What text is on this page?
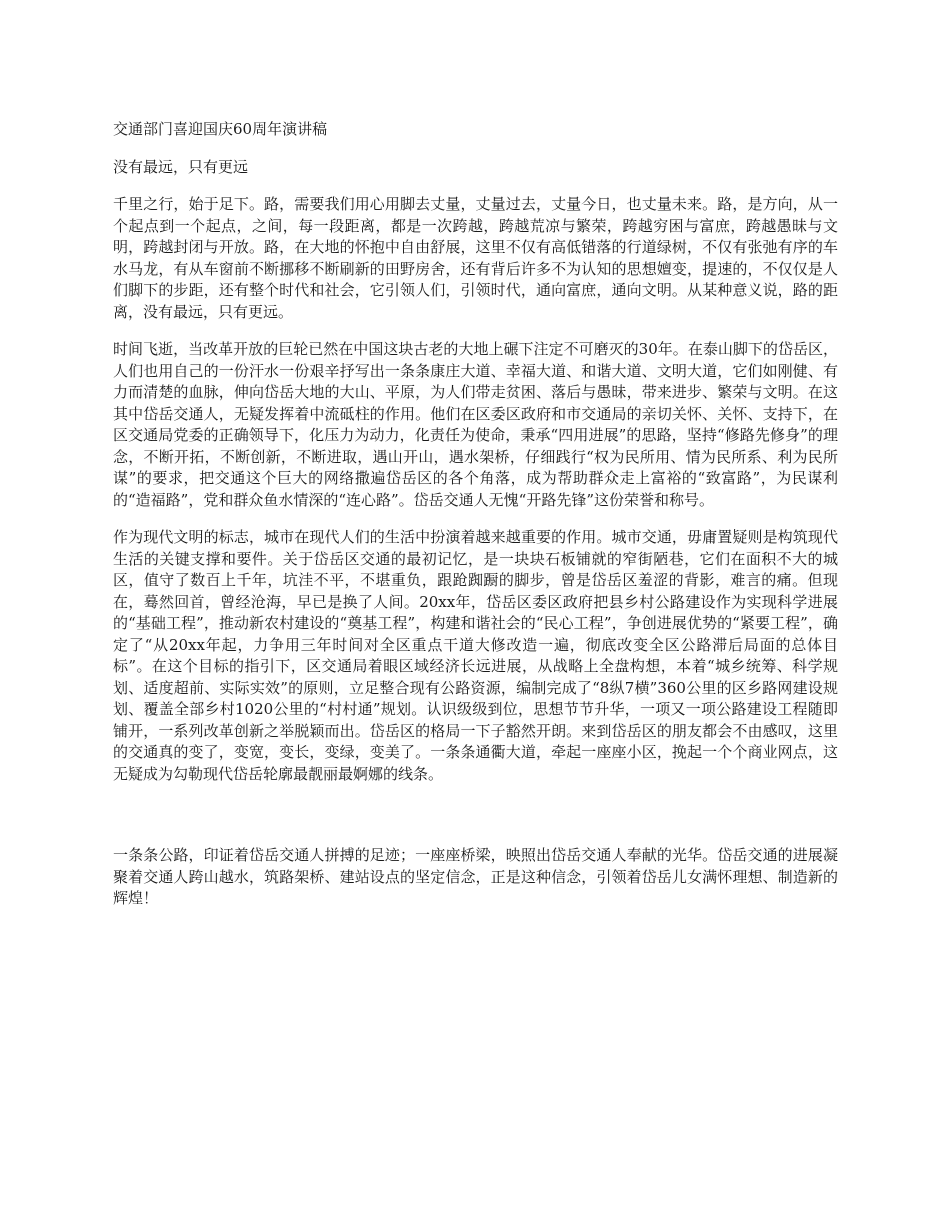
交通部门喜迎国庆60周年演讲稿
没有最远，只有更远

千里之行，始于足下。路，需要我们用心用脚去丈量，丈量过去，丈量今日，也丈量未来。路，是方向，从一个起点到一个起点，之间，每一段距离，都是一次跨越，跨越荒凉与繁荣，跨越穷困与富庶，跨越愚昧与文明，跨越封闭与开放。路，在大地的怀抱中自由舒展，这里不仅有高低错落的行道绿树，不仅有张弛有序的车水马龙，有从车窗前不断挪移不断刷新的田野房舍，还有背后许多不为认知的思想嬗变，提速的，不仅仅是人们脚下的步距，还有整个时代和社会，它引领人们，引领时代，通向富庶，通向文明。从某种意义说，路的距离，没有最远，只有更远。

时间飞逝，当改革开放的巨轮已然在中国这块古老的大地上碾下注定不可磨灭的30年。在泰山脚下的岱岳区，人们也用自己的一份汗水一份艰辛抒写出一条条康庄大道、幸福大道、和谐大道、文明大道，它们如刚健、有力而清楚的血脉，伸向岱岳大地的大山、平原，为人们带走贫困、落后与愚昧，带来进步、繁荣与文明。在这其中岱岳交通人，无疑发挥着中流砥柱的作用。他们在区委区政府和市交通局的亲切关怀、关怀、支持下，在区交通局党委的正确领导下，化压力为动力，化责任为使命，秉承“四用进展”的思路，坚持“修路先修身”的理念，不断开拓，不断创新，不断进取，遇山开山，遇水架桥，仔细践行“权为民所用、情为民所系、利为民所谋”的要求，把交通这个巨大的网络撒遍岱岳区的各个角落，成为帮助群众走上富裕的“致富路”，为民谋利的“造福路”，党和群众鱼水情深的“连心路”。岱岳交通人无愧“开路先锋”这份荣誉和称号。

作为现代文明的标志，城市在现代人们的生活中扮演着越来越重要的作用。城市交通，毋庸置疑则是构筑现代生活的关键支撑和要件。关于岱岳区交通的最初记忆，是一块块石板铺就的窄街陋巷，它们在面积不大的城区，值守了数百上千年，坑洼不平，不堪重负，跟跄踟蹰的脚步，曾是岱岳区羞涩的背影，难言的痛。但现在，蓦然回首，曾经沧海，早已是换了人间。20xx年，岱岳区委区政府把县乡村公路建设作为实现科学进展的“基础工程”，推动新农村建设的“奠基工程”，构建和谐社会的“民心工程”，争创进展优势的“紧要工程”，确定了“从20xx年起，力争用三年时间对全区重点干道大修改造一遍，彻底改变全区公路滞后局面的总体目标”。在这个目标的指引下，区交通局着眼区域经济长远进展，从战略上全盘构想，本着“城乡统筹、科学规划、适度超前、实际实效”的原则，立足整合现有公路资源，编制完成了“8纵7横”360公里的区乡路网建设规划、覆盖全部乡村1020公里的“村村通”规划。认识级级到位，思想节节升华，一项又一项公路建设工程随即铺开，一系列改革创新之举脱颖而出。岱岳区的格局一下子豁然开朗。来到岱岳区的朋友都会不由感叹，这里的交通真的变了，变宽，变长，变绿，变美了。一条条通衢大道，牵起一座座小区，挽起一个个商业网点，这无疑成为勾勒现代岱岳轮廓最靓丽最婀娜的线条。

一条条公路，印证着岱岳交通人拼搏的足迹；一座座桥梁，映照出岱岳交通人奉献的光华。岱岳交通的进展凝聚着交通人跨山越水，筑路架桥、建站设点的坚定信念，正是这种信念，引领着岱岳儿女满怀理想、制造新的辉煌！
